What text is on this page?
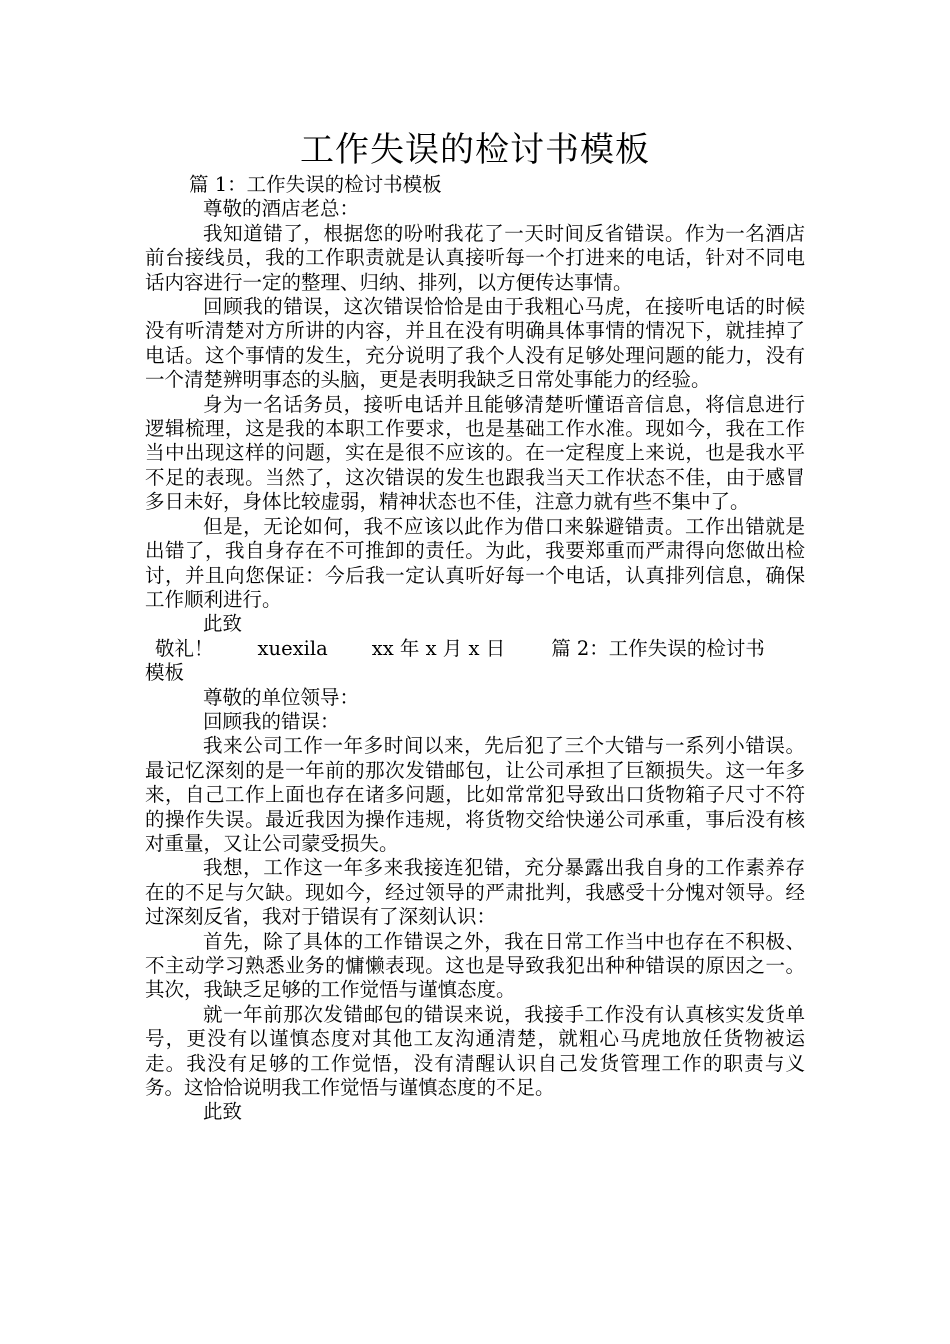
工作失误的检讨书模板

篇 1：工作失误的检讨书模板

尊敬的酒店老总：

我知道错了，根据您的吩咐我花了一天时间反省错误。作为一名酒店前台接线员，我的工作职责就是认真接听每一个打进来的电话，针对不同电话内容进行一定的整理、归纳、排列，以方便传达事情。

回顾我的错误，这次错误恰恰是由于我粗心马虎，在接听电话的时候没有听清楚对方所讲的内容，并且在没有明确具体事情的情况下，就挂掉了电话。这个事情的发生，充分说明了我个人没有足够处理问题的能力，没有一个清楚辨明事态的头脑，更是表明我缺乏日常处事能力的经验。

身为一名话务员，接听电话并且能够清楚听懂语音信息，将信息进行逻辑梳理，这是我的本职工作要求，也是基础工作水准。现如今，我在工作当中出现这样的问题，实在是很不应该的。在一定程度上来说，也是我水平不足的表现。当然了，这次错误的发生也跟我当天工作状态不佳，由于感冒多日未好，身体比较虚弱，精神状态也不佳，注意力就有些不集中了。

但是，无论如何，我不应该以此作为借口来躲避错责。工作出错就是出错了，我自身存在不可推卸的责任。为此，我要郑重而严肃得向您做出检讨，并且向您保证：今后我一定认真听好每一个电话，认真排列信息，确保工作顺利进行。

此致

敬礼！ xuexila xx 年 x 月 x 日 篇 2：工作失误的检讨书

模板

尊敬的单位领导：

回顾我的错误：

我来公司工作一年多时间以来，先后犯了三个大错与一系列小错误。最记忆深刻的是一年前的那次发错邮包，让公司承担了巨额损失。这一年多来，自己工作上面也存在诸多问题，比如常常犯导致出口货物箱子尺寸不符的操作失误。最近我因为操作违规，将货物交给快递公司承重，事后没有核对重量，又让公司蒙受损失。

我想，工作这一年多来我接连犯错，充分暴露出我自身的工作素养存在的不足与欠缺。现如今，经过领导的严肃批判，我感受十分愧对领导。经过深刻反省，我对于错误有了深刻认识：

首先，除了具体的工作错误之外，我在日常工作当中也存在不积极、不主动学习熟悉业务的慵懒表现。这也是导致我犯出种种错误的原因之一。其次，我缺乏足够的工作觉悟与谨慎态度。

就一年前那次发错邮包的错误来说，我接手工作没有认真核实发货单号，更没有以谨慎态度对其他工友沟通清楚，就粗心马虎地放任货物被运走。我没有足够的工作觉悟，没有清醒认识自己发货管理工作的职责与义务。这恰恰说明我工作觉悟与谨慎态度的不足。

此致
